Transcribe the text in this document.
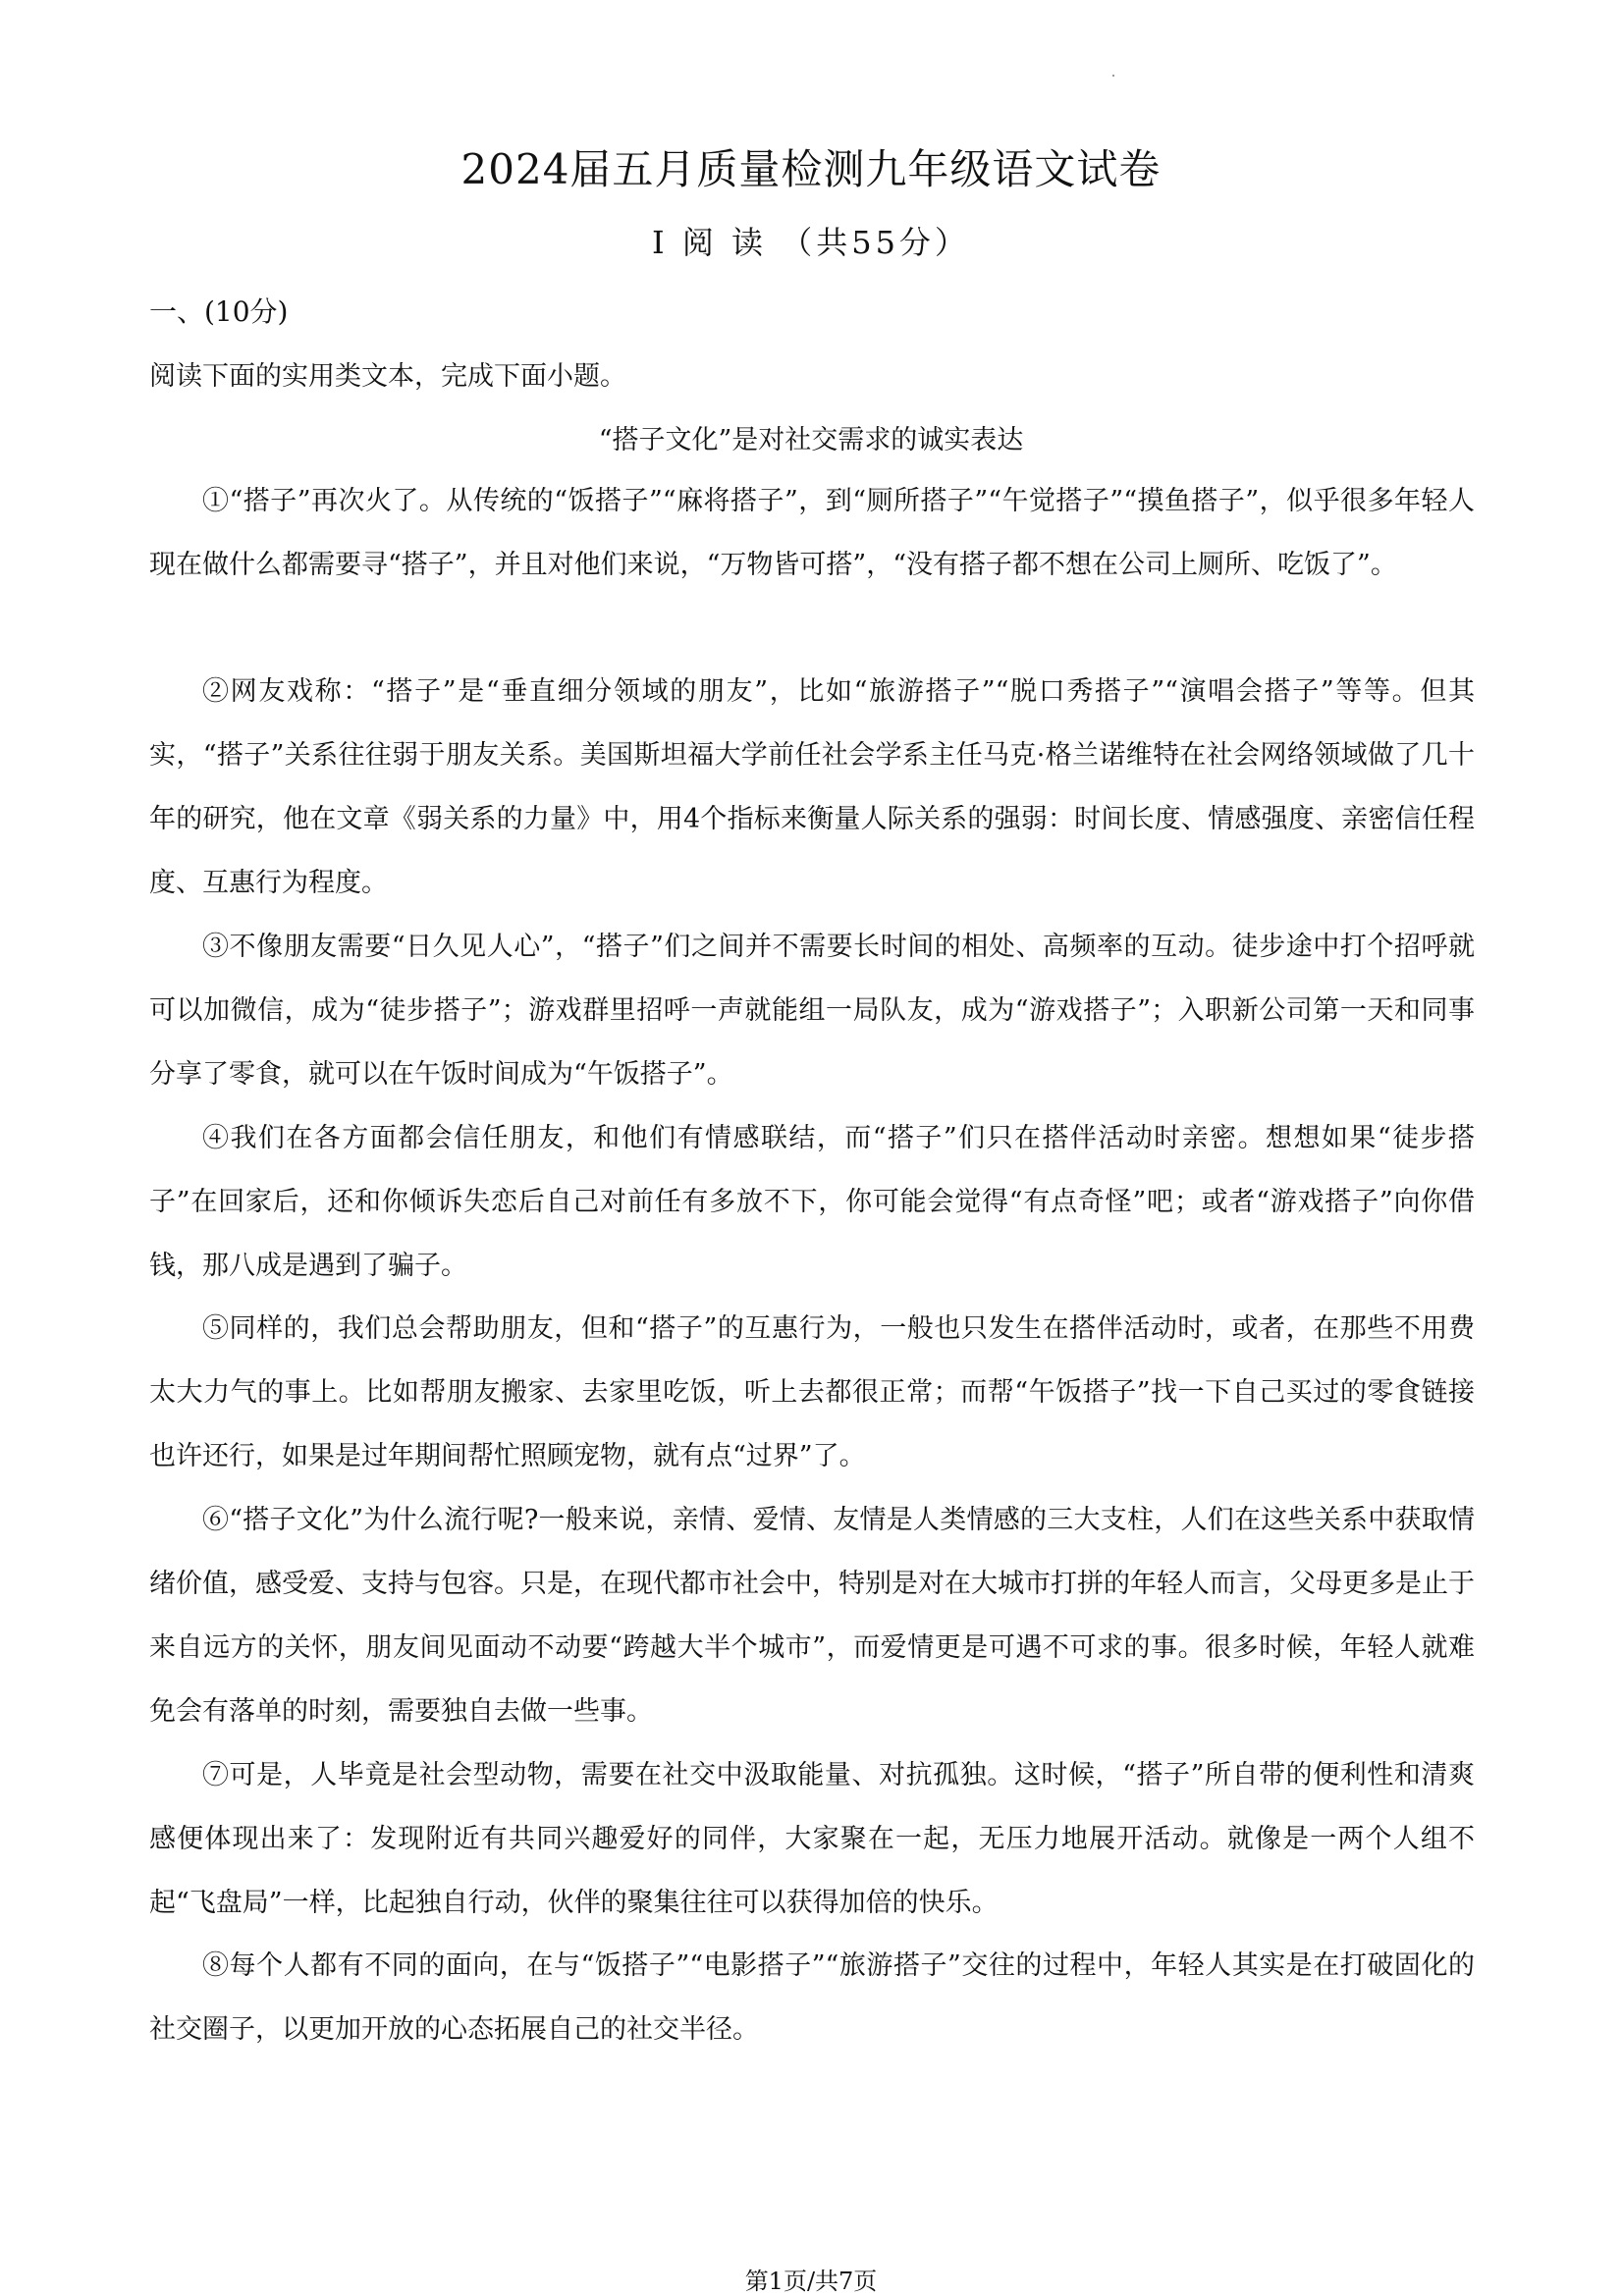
2024届五月质量检测九年级语文试卷
Ⅰ 阅 读 （共55分）
一、(10分)
阅读下面的实用类文本，完成下面小题。
“搭子文化”是对社交需求的诚实表达

①“搭子”再次火了。从传统的“饭搭子”“麻将搭子”，到“厕所搭子”“午觉搭子”“摸鱼搭子”，似乎很多年轻人现在做什么都需要寻“搭子”，并且对他们来说，“万物皆可搭”，“没有搭子都不想在公司上厕所、吃饭了”。

②网友戏称：“搭子”是“垂直细分领域的朋友”，比如“旅游搭子”“脱口秀搭子”“演唱会搭子”等等。但其实，“搭子”关系往往弱于朋友关系。美国斯坦福大学前任社会学系主任马克·格兰诺维特在社会网络领域做了几十年的研究，他在文章《弱关系的力量》中，用4个指标来衡量人际关系的强弱：时间长度、情感强度、亲密信任程度、互惠行为程度。

③不像朋友需要“日久见人心”，“搭子”们之间并不需要长时间的相处、高频率的互动。徒步途中打个招呼就可以加微信，成为“徒步搭子”；游戏群里招呼一声就能组一局队友，成为“游戏搭子”；入职新公司第一天和同事分享了零食，就可以在午饭时间成为“午饭搭子”。

④我们在各方面都会信任朋友，和他们有情感联结，而“搭子”们只在搭伴活动时亲密。想想如果“徒步搭子”在回家后，还和你倾诉失恋后自己对前任有多放不下，你可能会觉得“有点奇怪”吧；或者“游戏搭子”向你借钱，那八成是遇到了骗子。

⑤同样的，我们总会帮助朋友，但和“搭子”的互惠行为，一般也只发生在搭伴活动时，或者，在那些不用费太大力气的事上。比如帮朋友搬家、去家里吃饭，听上去都很正常；而帮“午饭搭子”找一下自己买过的零食链接也许还行，如果是过年期间帮忙照顾宠物，就有点“过界”了。

⑥“搭子文化”为什么流行呢?一般来说，亲情、爱情、友情是人类情感的三大支柱，人们在这些关系中获取情绪价值，感受爱、支持与包容。只是，在现代都市社会中，特别是对在大城市打拼的年轻人而言，父母更多是止于来自远方的关怀，朋友间见面动不动要“跨越大半个城市”，而爱情更是可遇不可求的事。很多时候，年轻人就难免会有落单的时刻，需要独自去做一些事。

⑦可是，人毕竟是社会型动物，需要在社交中汲取能量、对抗孤独。这时候，“搭子”所自带的便利性和清爽感便体现出来了：发现附近有共同兴趣爱好的同伴，大家聚在一起，无压力地展开活动。就像是一两个人组不起“飞盘局”一样，比起独自行动，伙伴的聚集往往可以获得加倍的快乐。

⑧每个人都有不同的面向，在与“饭搭子”“电影搭子”“旅游搭子”交往的过程中，年轻人其实是在打破固化的社交圈子，以更加开放的心态拓展自己的社交半径。

第1页/共7页
